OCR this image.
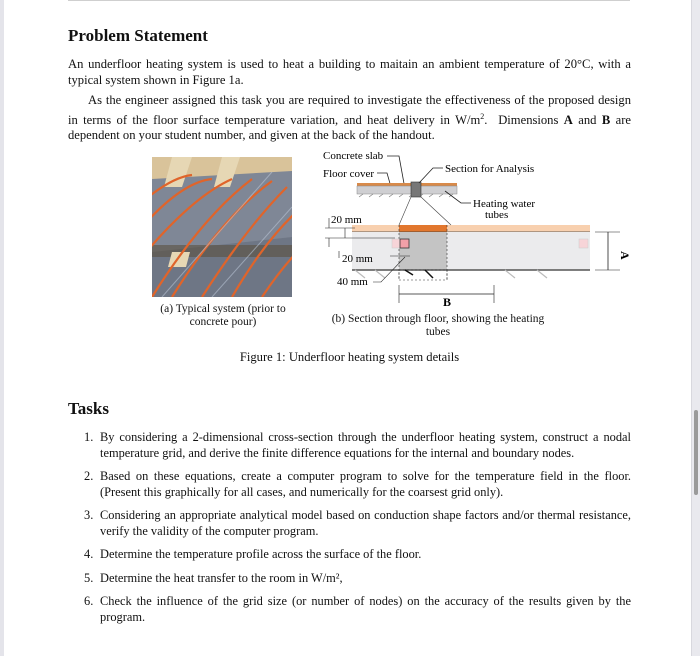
Problem Statement

An underfloor heating system is used to heat a building to maitain an ambient temperature of 20°C, with a typical system shown in Figure 1a.

As the engineer assigned this task you are required to investigate the effectiveness of the proposed design in terms of the floor surface temperature variation, and heat delivery in $W/m^2$.  Dimensions A and B are dependent on your student number, and given at the back of the handout.

(a) Typical system (prior to concrete pour)
Concrete slab
Floor cover	Section for Analysis
Heating water
tubes
20 mm
20 mm
40 mm
A
B
(b) Section through floor, showing the heating tubes
Figure 1: Underfloor heating system details
Tasks
1. By considering a 2-dimensional cross-section through the underfloor heating system, construct a nodal temperature grid, and derive the finite difference equations for the internal and boundary nodes.
2. Based on these equations, create a computer program to solve for the temperature field in the floor. (Present this graphically for all cases, and numerically for the coarsest grid only).
3. Considering an appropriate analytical model based on conduction shape factors and/or thermal resistance, verify the validity of the computer program.
4. Determine the temperature profile across the surface of the floor.
5. Determine the heat transfer to the room in W/m²,
6. Check the influence of the grid size (or number of nodes) on the accuracy of the results given by the program.
